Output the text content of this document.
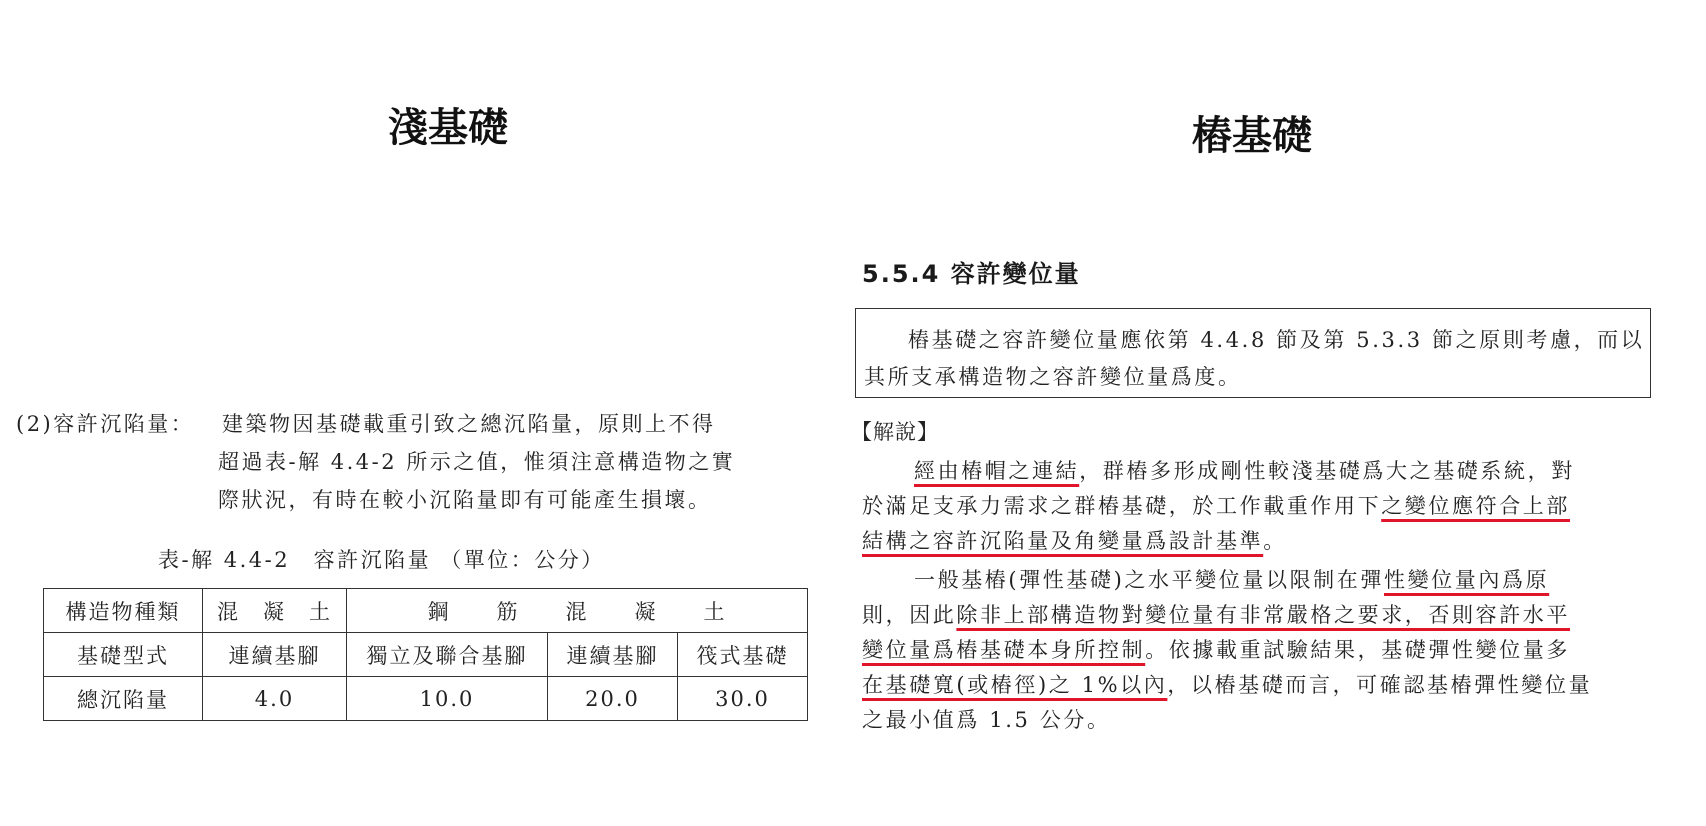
淺基礎
(2)容許沉陷量： 建築物因基礎載重引致之總沉陷量，原則上不得
超過表-解 4.4-2 所示之值，惟須注意構造物之實
際狀況，有時在較小沉陷量即有可能產生損壞。
表-解 4.4-2　容許沉陷量 （單位：公分）
構造物種類	混　凝　土	鋼　　筋　　混　　凝　　土		
基礎型式	連續基腳	獨立及聯合基腳	連續基腳	筏式基礎
總沉陷量	4.0	10.0	20.0	30.0
樁基礎
5.5.4 容許變位量
樁基礎之容許變位量應依第 4.4.8 節及第 5.3.3 節之原則考慮，而以
其所支承構造物之容許變位量爲度。
【解說】
經由樁帽之連結，群樁多形成剛性較淺基礎爲大之基礎系統，對
於滿足支承力需求之群樁基礎，於工作載重作用下之變位應符合上部
結構之容許沉陷量及角變量爲設計基準。
一般基樁(彈性基礎)之水平變位量以限制在彈性變位量內爲原
則，因此除非上部構造物對變位量有非常嚴格之要求，否則容許水平
變位量爲樁基礎本身所控制。依據載重試驗結果，基礎彈性變位量多
在基礎寬(或樁徑)之 1%以內，以樁基礎而言，可確認基樁彈性變位量
之最小值爲 1.5 公分。
